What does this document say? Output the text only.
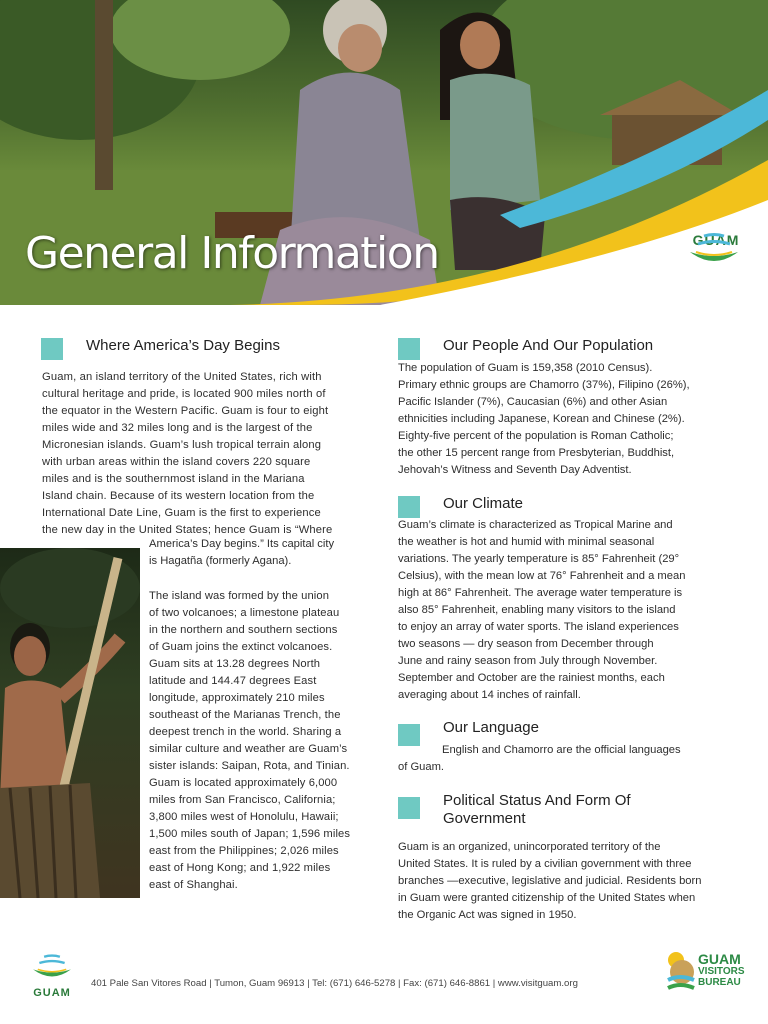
General Information	GUAM
Where America’s Day Begins
Guam, an island territory of the United States, rich with
cultural heritage and pride, is located 900 miles north of
the equator in the Western Pacific. Guam is four to eight
miles wide and 32 miles long and is the largest of the
Micronesian islands. Guam’s lush tropical terrain along
with urban areas within the island covers 220 square
miles and is the southernmost island in the Mariana
Island chain. Because of its western location from the
International Date Line, Guam is the first to experience
the new day in the United States; hence Guam is “Where
America’s Day begins.” Its capital city
is Hagatña (formerly Agana).
The island was formed by the union
of two volcanoes; a limestone plateau
in the northern and southern sections
of Guam joins the extinct volcanoes.
Guam sits at 13.28 degrees North
latitude and 144.47 degrees East
longitude, approximately 210 miles
southeast of the Marianas Trench, the
deepest trench in the world. Sharing a
similar culture and weather are Guam’s
sister islands: Saipan, Rota, and Tinian.
Guam is located approximately 6,000
miles from San Francisco, California;
3,800 miles west of Honolulu, Hawaii;
1,500 miles south of Japan; 1,596 miles
east from the Philippines; 2,026 miles
east of Hong Kong; and 1,922 miles
east of Shanghai.
Our People And Our Population
The population of Guam is 159,358 (2010 Census).
Primary ethnic groups are Chamorro (37%), Filipino (26%),
Pacific Islander (7%), Caucasian (6%) and other Asian
ethnicities including Japanese, Korean and Chinese (2%).
Eighty-five percent of the population is Roman Catholic;
the other 15 percent range from Presbyterian, Buddhist,
Jehovah’s Witness and Seventh Day Adventist.
Our Climate
Guam’s climate is characterized as Tropical Marine and
the weather is hot and humid with minimal seasonal
variations. The yearly temperature is 85° Fahrenheit (29°
Celsius), with the mean low at 76° Fahrenheit and a mean
high at 86° Fahrenheit. The average water temperature is
also 85° Fahrenheit, enabling many visitors to the island
to enjoy an array of water sports. The island experiences
two seasons — dry season from December through
June and rainy season from July through November.
September and October are the rainiest months, each
averaging about 14 inches of rainfall.
Our Language
English and Chamorro are the official languages
of Guam.
Political Status And Form Of
Government
Guam is an organized, unincorporated territory of the
United States. It is ruled by a civilian government with three
branches —executive, legislative and judicial. Residents born
in Guam were granted citizenship of the United States when
the Organic Act was signed in 1950.
GUAM
401 Pale San Vitores Road | Tumon, Guam 96913 | Tel: (671) 646-5278 | Fax: (671) 646-8861 | www.visitguam.org
GUAM
VISITORS
BUREAU
